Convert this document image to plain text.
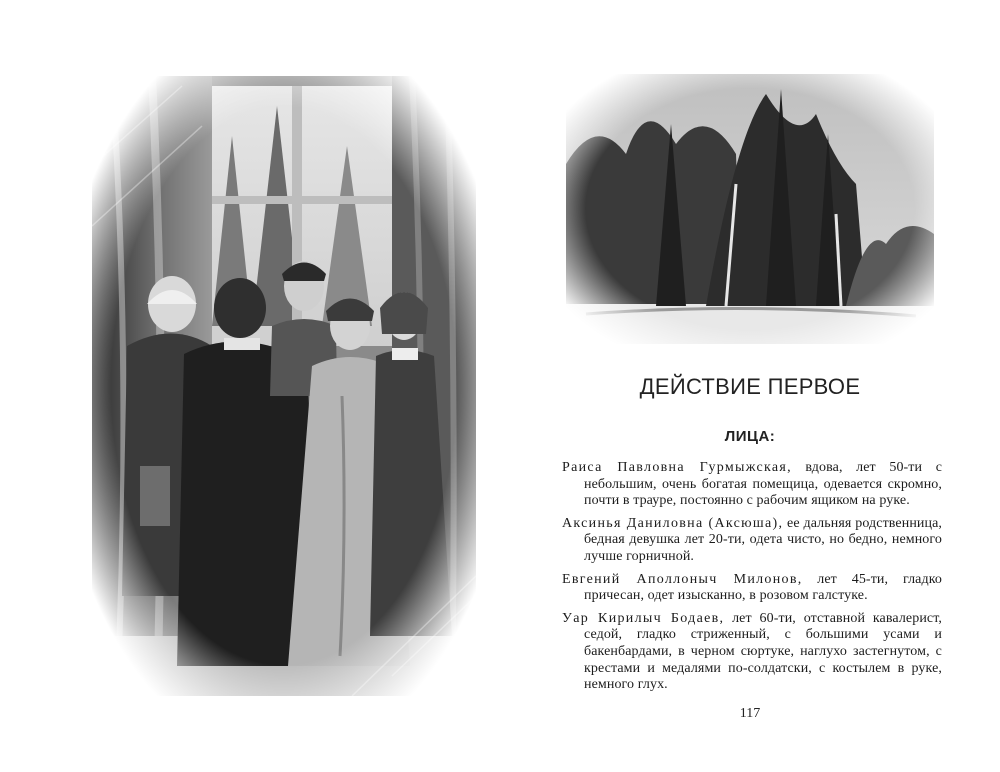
ДЕЙСТВИЕ ПЕРВОЕ
ЛИЦА:
Раиса Павловна Гурмыжская, вдова, лет 50-ти с небольшим, очень богатая помещица, одевается скромно, почти в трауре, постоянно с рабочим ящиком на руке.
Аксинья Даниловна (Аксюша), ее дальняя родственница, бедная девушка лет 20-ти, одета чисто, но бедно, немного лучше горничной.
Евгений Аполлоныч Милонов, лет 45-ти, гладко причесан, одет изысканно, в розовом галстуке.
Уар Кирилыч Бодаев, лет 60-ти, отставной кавалерист, седой, гладко стриженный, с большими усами и бакенбардами, в черном сюртуке, наглухо застегнутом, с крестами и медалями по-солдатски, с костылем в руке, немного глух.
117
